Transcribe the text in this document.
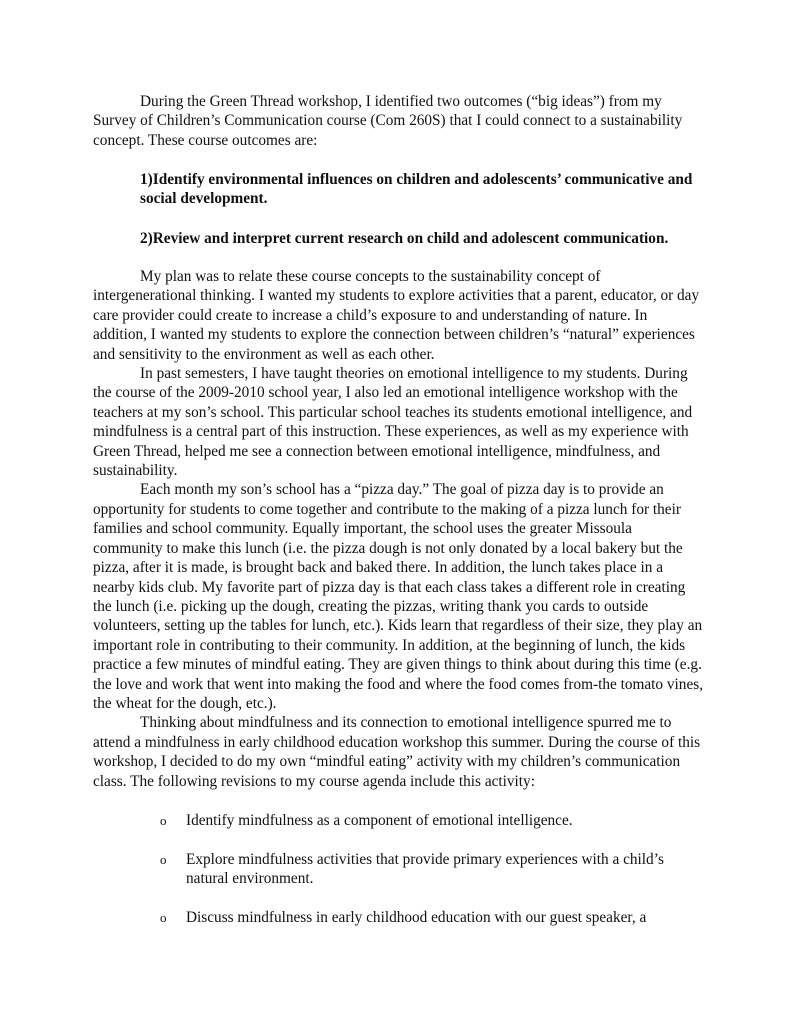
During the Green Thread workshop, I identified two outcomes (“big ideas”) from my Survey of Children’s Communication course (Com 260S) that I could connect to a sustainability concept. These course outcomes are:

1)Identify environmental influences on children and adolescents’ communicative and social development.

2)Review and interpret current research on child and adolescent communication.

My plan was to relate these course concepts to the sustainability concept of intergenerational thinking. I wanted my students to explore activities that a parent, educator, or day care provider could create to increase a child’s exposure to and understanding of nature. In addition, I wanted my students to explore the connection between children’s “natural” experiences and sensitivity to the environment as well as each other.

In past semesters, I have taught theories on emotional intelligence to my students. During the course of the 2009-2010 school year, I also led an emotional intelligence workshop with the teachers at my son’s school. This particular school teaches its students emotional intelligence, and mindfulness is a central part of this instruction. These experiences, as well as my experience with Green Thread, helped me see a connection between emotional intelligence, mindfulness, and sustainability.

Each month my son’s school has a “pizza day.” The goal of pizza day is to provide an opportunity for students to come together and contribute to the making of a pizza lunch for their families and school community. Equally important, the school uses the greater Missoula community to make this lunch (i.e. the pizza dough is not only donated by a local bakery but the pizza, after it is made, is brought back and baked there. In addition, the lunch takes place in a nearby kids club. My favorite part of pizza day is that each class takes a different role in creating the lunch (i.e. picking up the dough, creating the pizzas, writing thank you cards to outside volunteers, setting up the tables for lunch, etc.). Kids learn that regardless of their size, they play an important role in contributing to their community. In addition, at the beginning of lunch, the kids practice a few minutes of mindful eating. They are given things to think about during this time (e.g. the love and work that went into making the food and where the food comes from-the tomato vines, the wheat for the dough, etc.).

Thinking about mindfulness and its connection to emotional intelligence spurred me to attend a mindfulness in early childhood education workshop this summer. During the course of this workshop, I decided to do my own “mindful eating” activity with my children’s communication class. The following revisions to my course agenda include this activity:

o	Identify mindfulness as a component of emotional intelligence.
o	Explore mindfulness activities that provide primary experiences with a child’s natural environment.
o	Discuss mindfulness in early childhood education with our guest speaker, a
